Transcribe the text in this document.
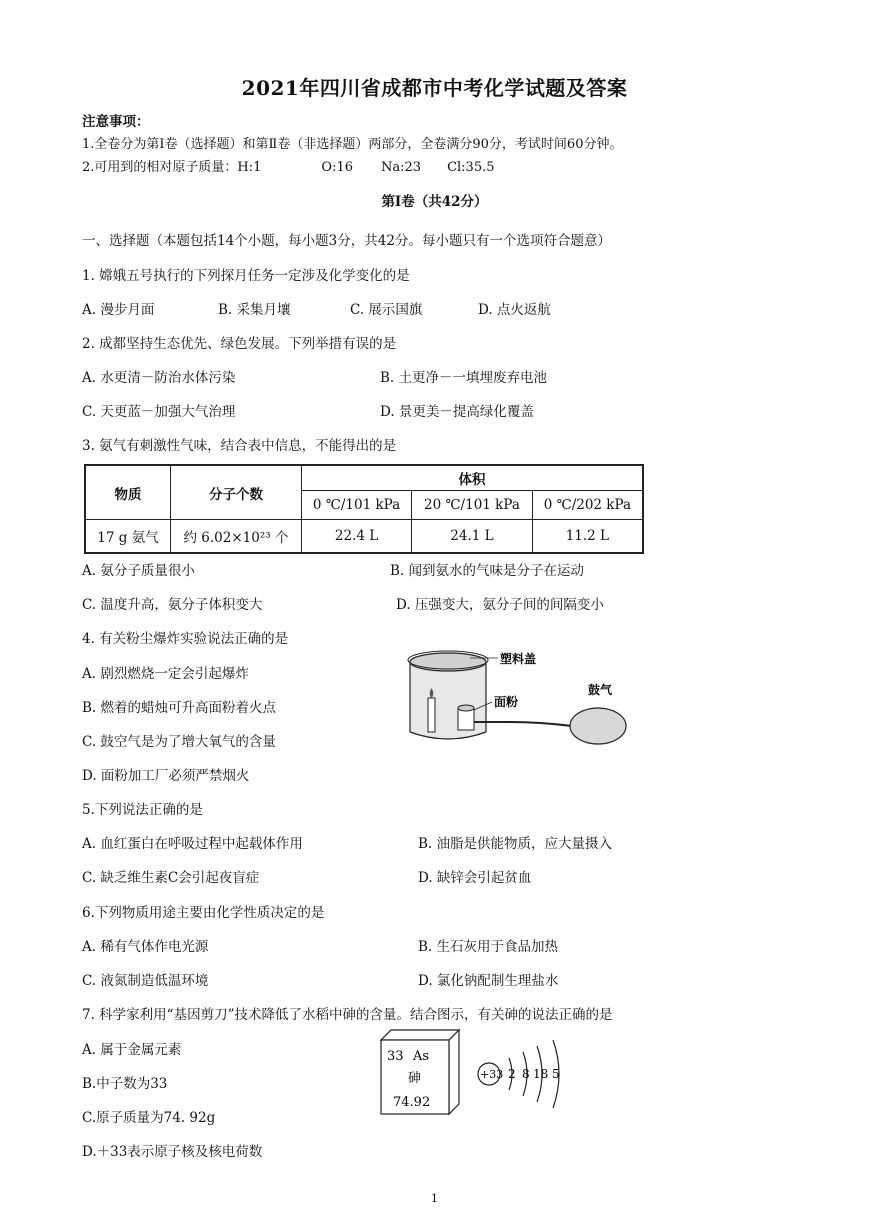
2021年四川省成都市中考化学试题及答案
注意事项：
1.全卷分为第Ⅰ卷（选择题）和第Ⅱ卷（非选择题）两部分，全卷满分90分，考试时间60分钟。
2.可用到的相对原子质量：H:1	O:16 Na:23 Cl:35.5
第Ⅰ卷（共42分）
一、选择题（本题包括14个小题，每小题3分，共42分。每小题只有一个选项符合题意）
1. 嫦娥五号执行的下列探月任务一定涉及化学变化的是
A. 漫步月面	B. 采集月壤	C. 展示国旗	D. 点火返航
2. 成都坚持生态优先、绿色发展。下列举措有误的是
A. 水更清－防治水体污染	B. 土更净－一填埋废弃电池
C. 天更蓝－加强大气治理	D. 景更美－提高绿化覆盖
3. 氨气有刺激性气味，结合表中信息，不能得出的是
物质	分子个数	体积		
		0 ℃/101 kPa	20 ℃/101 kPa	0 ℃/202 kPa
17 g 氨气	约 6.02×10²³ 个	22.4 L	24.1 L	11.2 L
A. 氨分子质量很小	B. 闻到氨水的气味是分子在运动
C. 温度升高，氨分子体积变大	D. 压强变大，氨分子间的间隔变小
4. 有关粉尘爆炸实验说法正确的是
A. 剧烈燃烧一定会引起爆炸
B. 燃着的蜡烛可升高面粉着火点
C. 鼓空气是为了增大氧气的含量
D. 面粉加工厂必须严禁烟火
塑料盖
面粉
鼓气
5.下列说法正确的是
A. 血红蛋白在呼吸过程中起载体作用	B. 油脂是供能物质，应大量摄入
C. 缺乏维生素C会引起夜盲症	D. 缺锌会引起贫血
6.下列物质用途主要由化学性质决定的是
A. 稀有气体作电光源	B. 生石灰用于食品加热
C. 液氮制造低温环境	D. 氯化钠配制生理盐水
7. 科学家利用“基因剪刀”技术降低了水稻中砷的含量。结合图示，有关砷的说法正确的是
A. 属于金属元素
B.中子数为33
C.原子质量为74. 92g
D.＋33表示原子核及核电荷数
33 As
砷
74.92
+33 2 8 18 5
1
